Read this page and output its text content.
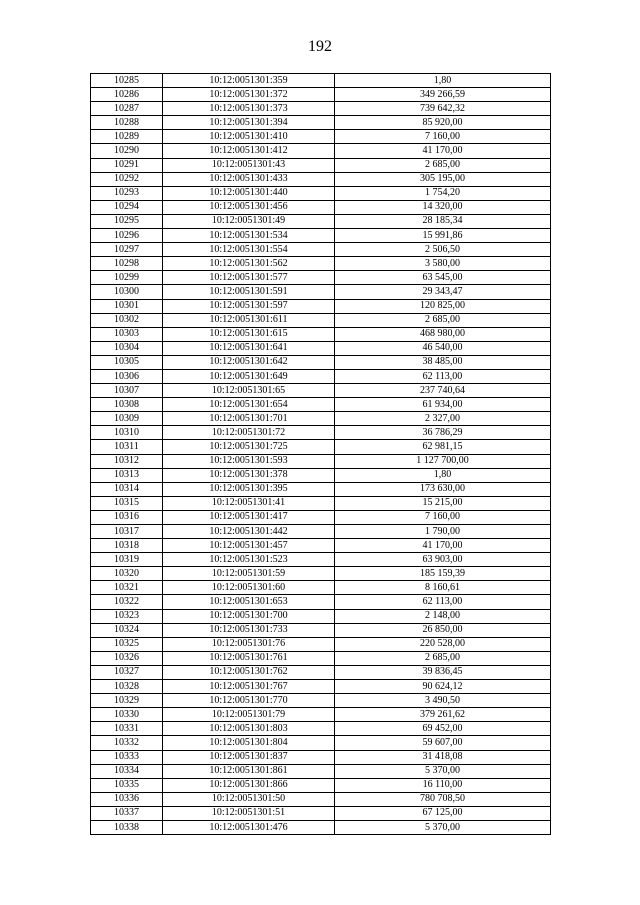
192
10285	10:12:0051301:359	1,80
10286	10:12:0051301:372	349 266,59
10287	10:12:0051301:373	739 642,32
10288	10:12:0051301:394	85 920,00
10289	10:12:0051301:410	7 160,00
10290	10:12:0051301:412	41 170,00
10291	10:12:0051301:43	2 685,00
10292	10:12:0051301:433	305 195,00
10293	10:12:0051301:440	1 754,20
10294	10:12:0051301:456	14 320,00
10295	10:12:0051301:49	28 185,34
10296	10:12:0051301:534	15 991,86
10297	10:12:0051301:554	2 506,50
10298	10:12:0051301:562	3 580,00
10299	10:12:0051301:577	63 545,00
10300	10:12:0051301:591	29 343,47
10301	10:12:0051301:597	120 825,00
10302	10:12:0051301:611	2 685,00
10303	10:12:0051301:615	468 980,00
10304	10:12:0051301:641	46 540,00
10305	10:12:0051301:642	38 485,00
10306	10:12:0051301:649	62 113,00
10307	10:12:0051301:65	237 740,64
10308	10:12:0051301:654	61 934,00
10309	10:12:0051301:701	2 327,00
10310	10:12:0051301:72	36 786,29
10311	10:12:0051301:725	62 981,15
10312	10:12:0051301:593	1 127 700,00
10313	10:12:0051301:378	1,80
10314	10:12:0051301:395	173 630,00
10315	10:12:0051301:41	15 215,00
10316	10:12:0051301:417	7 160,00
10317	10:12:0051301:442	1 790,00
10318	10:12:0051301:457	41 170,00
10319	10:12:0051301:523	63 903,00
10320	10:12:0051301:59	185 159,39
10321	10:12:0051301:60	8 160,61
10322	10:12:0051301:653	62 113,00
10323	10:12:0051301:700	2 148,00
10324	10:12:0051301:733	26 850,00
10325	10:12:0051301:76	220 528,00
10326	10:12:0051301:761	2 685,00
10327	10:12:0051301:762	39 836,45
10328	10:12:0051301:767	90 624,12
10329	10:12:0051301:770	3 490,50
10330	10:12:0051301:79	379 261,62
10331	10:12:0051301:803	69 452,00
10332	10:12:0051301:804	59 607,00
10333	10:12:0051301:837	31 418,08
10334	10:12:0051301:861	5 370,00
10335	10:12:0051301:866	16 110,00
10336	10:12:0051301:50	780 708,50
10337	10:12:0051301:51	67 125,00
10338	10:12:0051301:476	5 370,00
